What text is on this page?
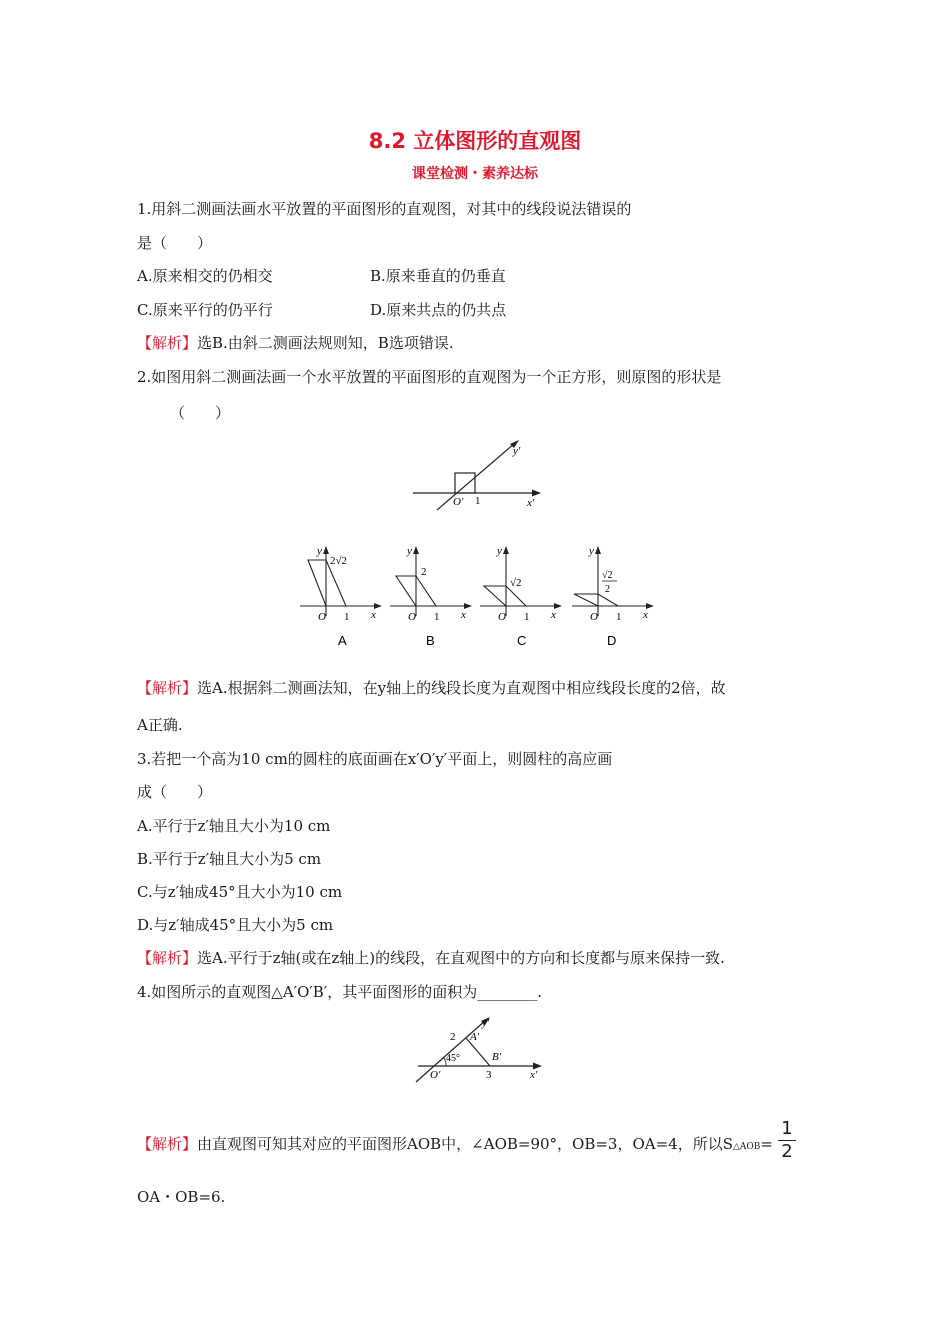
8.2 立体图形的直观图
课堂检测・素养达标
1.用斜二测画法画水平放置的平面图形的直观图，对其中的线段说法错误的
是（　　）
A.原来相交的仍相交	B.原来垂直的仍垂直
C.原来平行的仍平行	D.原来共点的仍共点
【解析】选B.由斜二测画法规则知，B选项错误.
2.如图用斜二测画法画一个水平放置的平面图形的直观图为一个正方形，则原图的形状是
（　　）
O′ 1	x′
y′
2√2
O 1 x
y
A
2
O 1 x
y
B
√2
O 1 x
y
C
√2
2
O 1 x
y
D
【解析】选A.根据斜二测画法知，在y轴上的线段长度为直观图中相应线段长度的2倍，故
A正确.
3.若把一个高为10 cm的圆柱的底面画在x′O′y′平面上，则圆柱的高应画
成（　　）
A.平行于z′轴且大小为10 cm
B.平行于z′轴且大小为5 cm
C.与z′轴成45°且大小为10 cm
D.与z′轴成45°且大小为5 cm
【解析】选A.平行于z轴(或在z轴上)的线段，在直观图中的方向和长度都与原来保持一致.
4.如图所示的直观图△A′O′B′，其平面图形的面积为________.
O′
A′
B′
x′
y′
2
3
45°
【解析】由直观图可知其对应的平面图形AOB中，∠AOB=90°，OB=3，OA=4，所以S△AOB= $\frac{1}{2}$
OA・OB=6.
